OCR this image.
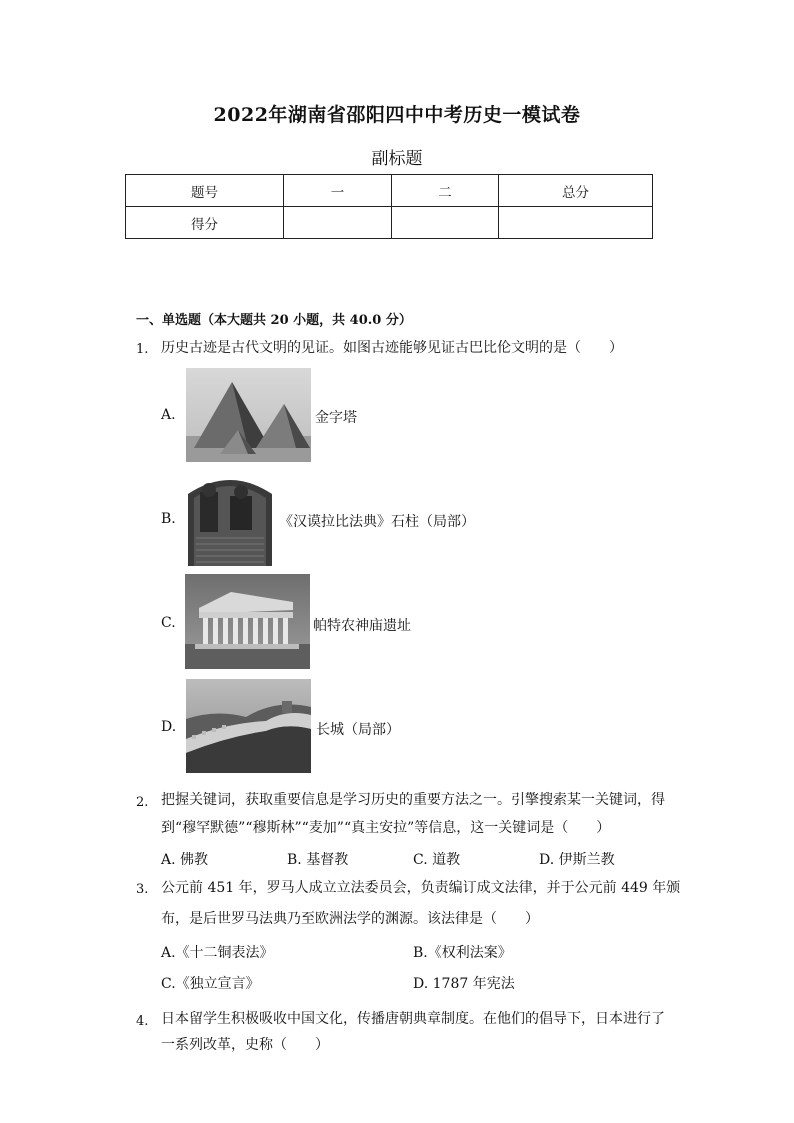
2022年湖南省邵阳四中中考历史一模试卷
副标题
题号	一	二	总分
得分			
一、单选题（本大题共 20 小题，共 40.0 分）
1. 历史古迹是古代文明的见证。如图古迹能够见证古巴比伦文明的是（　　）
A.	金字塔
B.	《汉谟拉比法典》石柱（局部）
C.	帕特农神庙遗址
D.	长城（局部）
2. 把握关键词，获取重要信息是学习历史的重要方法之一。引擎搜索某一关键词，得
到“穆罕默德”“穆斯林”“麦加”“真主安拉”等信息，这一关键词是（　　）
A. 佛教	B. 基督教	C. 道教	D. 伊斯兰教
3. 公元前 451 年，罗马人成立立法委员会，负责编订成文法律，并于公元前 449 年颁
布，是后世罗马法典乃至欧洲法学的渊源。该法律是（　　）
A.《十二铜表法》	B.《权利法案》
C.《独立宣言》	D. 1787 年宪法
4. 日本留学生积极吸收中国文化，传播唐朝典章制度。在他们的倡导下，日本进行了
一系列改革，史称（　　）
